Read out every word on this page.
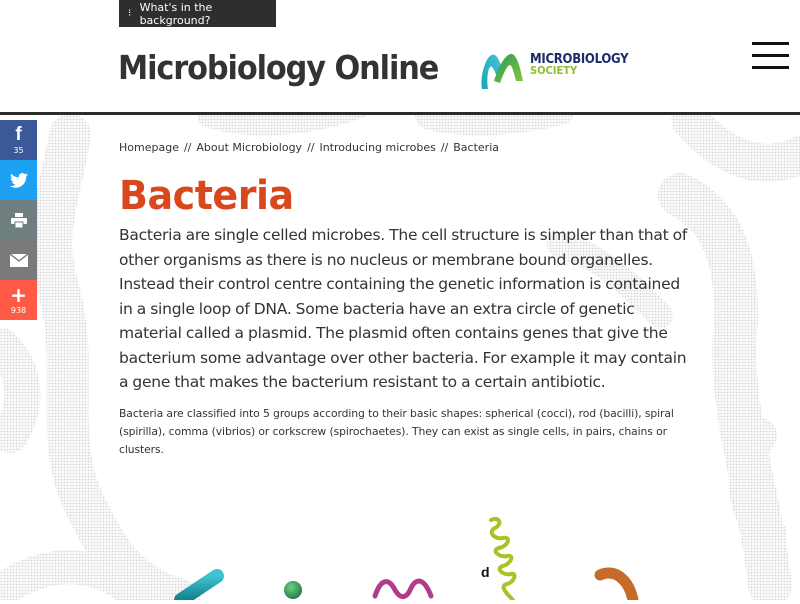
⁝ What's in the background?
Microbiology Online	MICROBIOLOGY
SOCIETY
f
35
+
938
Homepage // About Microbiology // Introducing microbes // Bacteria
Bacteria

Bacteria are single celled microbes. The cell structure is simpler than that of other organisms as there is no nucleus or membrane bound organelles. Instead their control centre containing the genetic information is contained in a single loop of DNA. Some bacteria have an extra circle of genetic material called a plasmid. The plasmid often contains genes that give the bacterium some advantage over other bacteria. For example it may contain a gene that makes the bacterium resistant to a certain antibiotic.

Bacteria are classified into 5 groups according to their basic shapes: spherical (cocci), rod (bacilli), spiral (spirilla), comma (vibrios) or corkscrew (spirochaetes). They can exist as single cells, in pairs, chains or clusters.

d
